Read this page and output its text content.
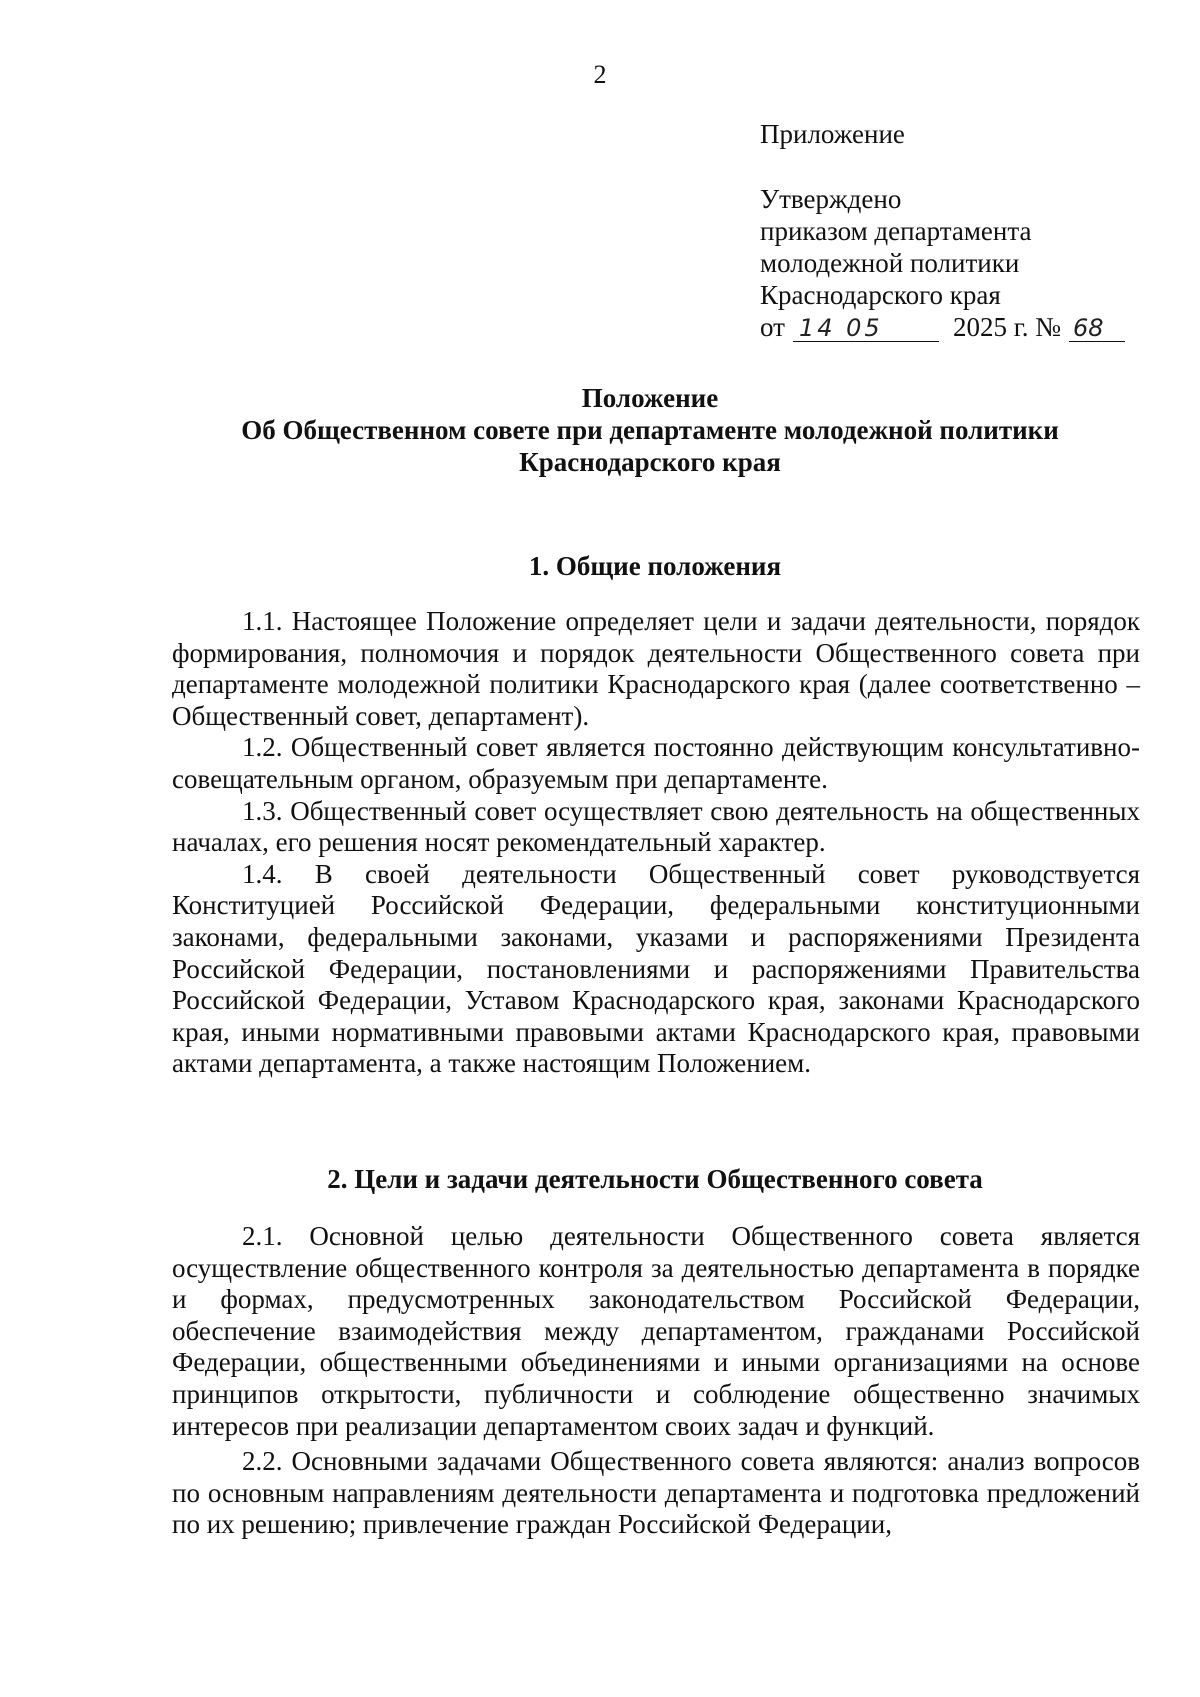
2
Приложение
Утверждено
приказом департамента
молодежной политики
Краснодарского края
от 14 05	2025 г. № 68
Положение
Об Общественном совете при департаменте молодежной политики
Краснодарского края
1. Общие положения

1.1. Настоящее Положение определяет цели и задачи деятельности, порядок формирования, полномочия и порядок деятельности Общественного совета при департаменте молодежной политики Краснодарского края (далее соответственно – Общественный совет, департамент).

1.2. Общественный совет является постоянно действующим консультативно-совещательным органом, образуемым при департаменте.

1.3. Общественный совет осуществляет свою деятельность на общественных началах, его решения носят рекомендательный характер.

1.4. В своей деятельности Общественный совет руководствуется Конституцией Российской Федерации, федеральными конституционными законами, федеральными законами, указами и распоряжениями Президента Российской Федерации, постановлениями и распоряжениями Правительства Российской Федерации, Уставом Краснодарского края, законами Краснодарского края, иными нормативными правовыми актами Краснодарского края, правовыми актами департамента, а также настоящим Положением.

2. Цели и задачи деятельности Общественного совета

2.1. Основной целью деятельности Общественного совета является осуществление общественного контроля за деятельностью департамента в порядке и формах, предусмотренных законодательством Российской Федерации, обеспечение взаимодействия между департаментом, гражданами Российской Федерации, общественными объединениями и иными организациями на основе принципов открытости, публичности и соблюдение общественно значимых интересов при реализации департаментом своих задач и функций.

2.2. Основными задачами Общественного совета являются: анализ вопросов по основным направлениям деятельности департамента и подготовка предложений по их решению; привлечение граждан Российской Федерации,
